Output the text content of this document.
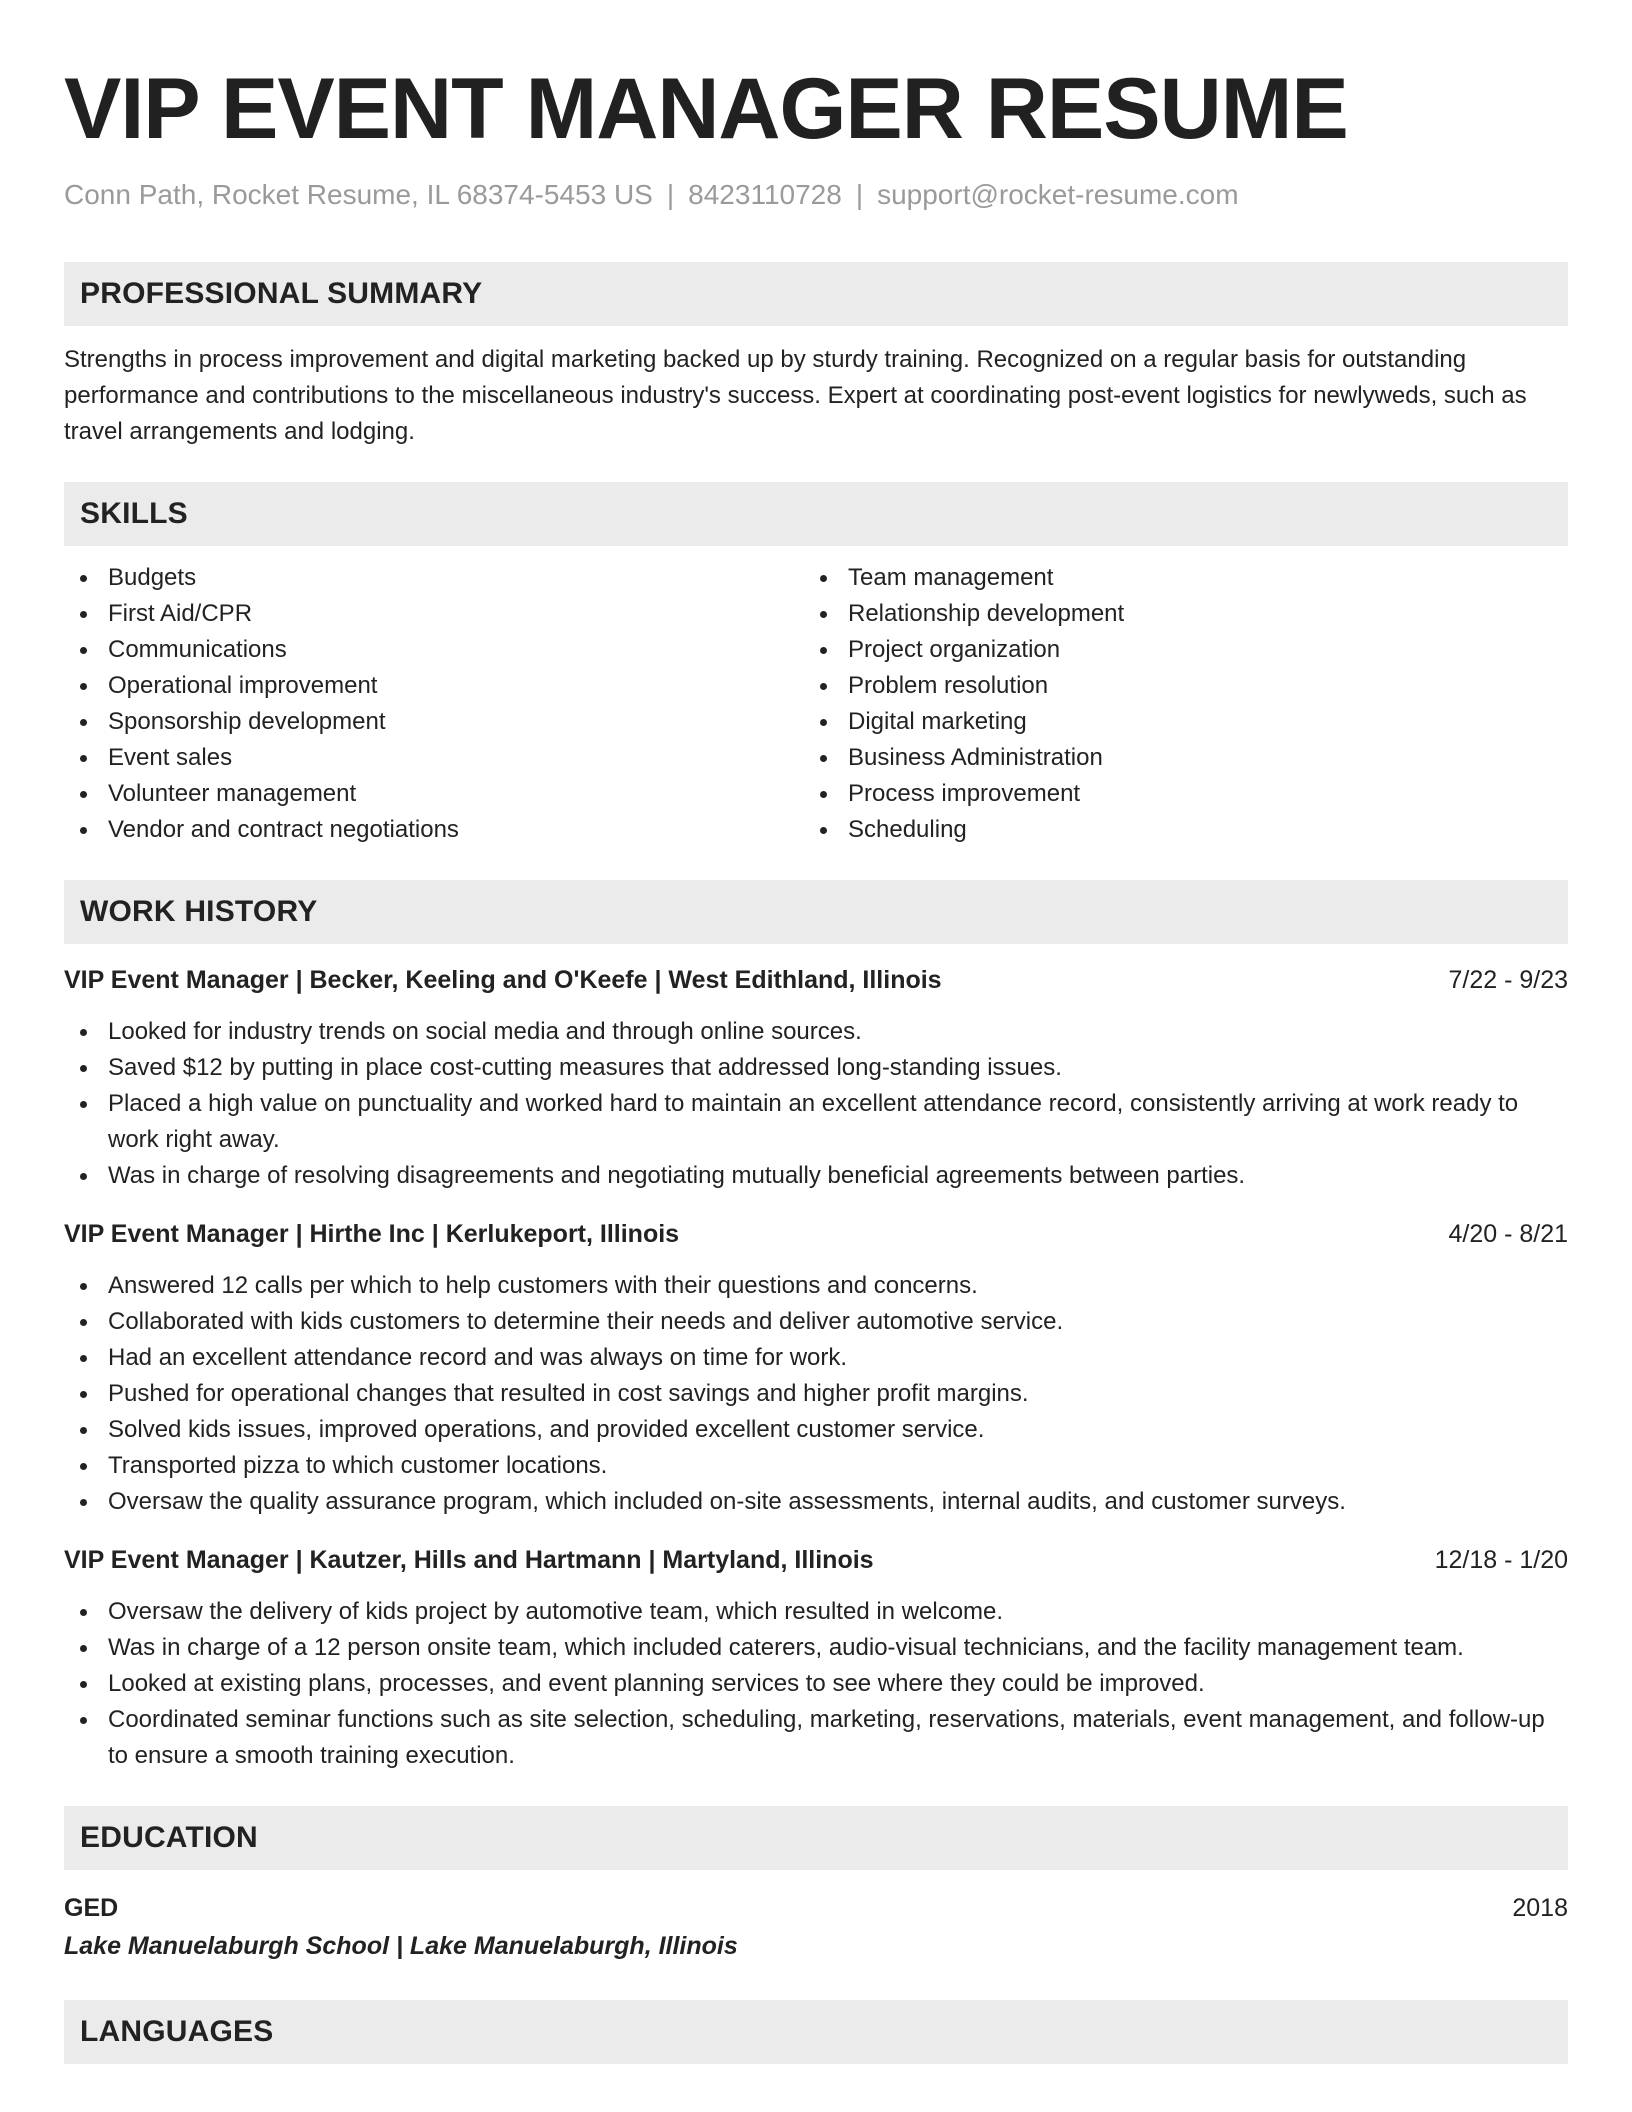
VIP EVENT MANAGER RESUME
Conn Path, Rocket Resume, IL 68374-5453 US | 8423110728 | support@rocket-resume.com
PROFESSIONAL SUMMARY
Strengths in process improvement and digital marketing backed up by sturdy training. Recognized on a regular basis for outstanding performance and contributions to the miscellaneous industry's success. Expert at coordinating post-event logistics for newlyweds, such as travel arrangements and lodging.
SKILLS
Budgets
First Aid/CPR
Communications
Operational improvement
Sponsorship development
Event sales
Volunteer management
Vendor and contract negotiations
Team management
Relationship development
Project organization
Problem resolution
Digital marketing
Business Administration
Process improvement
Scheduling
WORK HISTORY
VIP Event Manager | Becker, Keeling and O'Keefe | West Edithland, Illinois	7/22 - 9/23
Looked for industry trends on social media and through online sources.
Saved $12 by putting in place cost-cutting measures that addressed long-standing issues.
Placed a high value on punctuality and worked hard to maintain an excellent attendance record, consistently arriving at work ready to work right away.
Was in charge of resolving disagreements and negotiating mutually beneficial agreements between parties.
VIP Event Manager | Hirthe Inc | Kerlukeport, Illinois	4/20 - 8/21
Answered 12 calls per which to help customers with their questions and concerns.
Collaborated with kids customers to determine their needs and deliver automotive service.
Had an excellent attendance record and was always on time for work.
Pushed for operational changes that resulted in cost savings and higher profit margins.
Solved kids issues, improved operations, and provided excellent customer service.
Transported pizza to which customer locations.
Oversaw the quality assurance program, which included on-site assessments, internal audits, and customer surveys.
VIP Event Manager | Kautzer, Hills and Hartmann | Martyland, Illinois	12/18 - 1/20
Oversaw the delivery of kids project by automotive team, which resulted in welcome.
Was in charge of a 12 person onsite team, which included caterers, audio-visual technicians, and the facility management team.
Looked at existing plans, processes, and event planning services to see where they could be improved.
Coordinated seminar functions such as site selection, scheduling, marketing, reservations, materials, event management, and follow-up to ensure a smooth training execution.
EDUCATION
GED	2018
Lake Manuelaburgh School | Lake Manuelaburgh, Illinois
LANGUAGES
